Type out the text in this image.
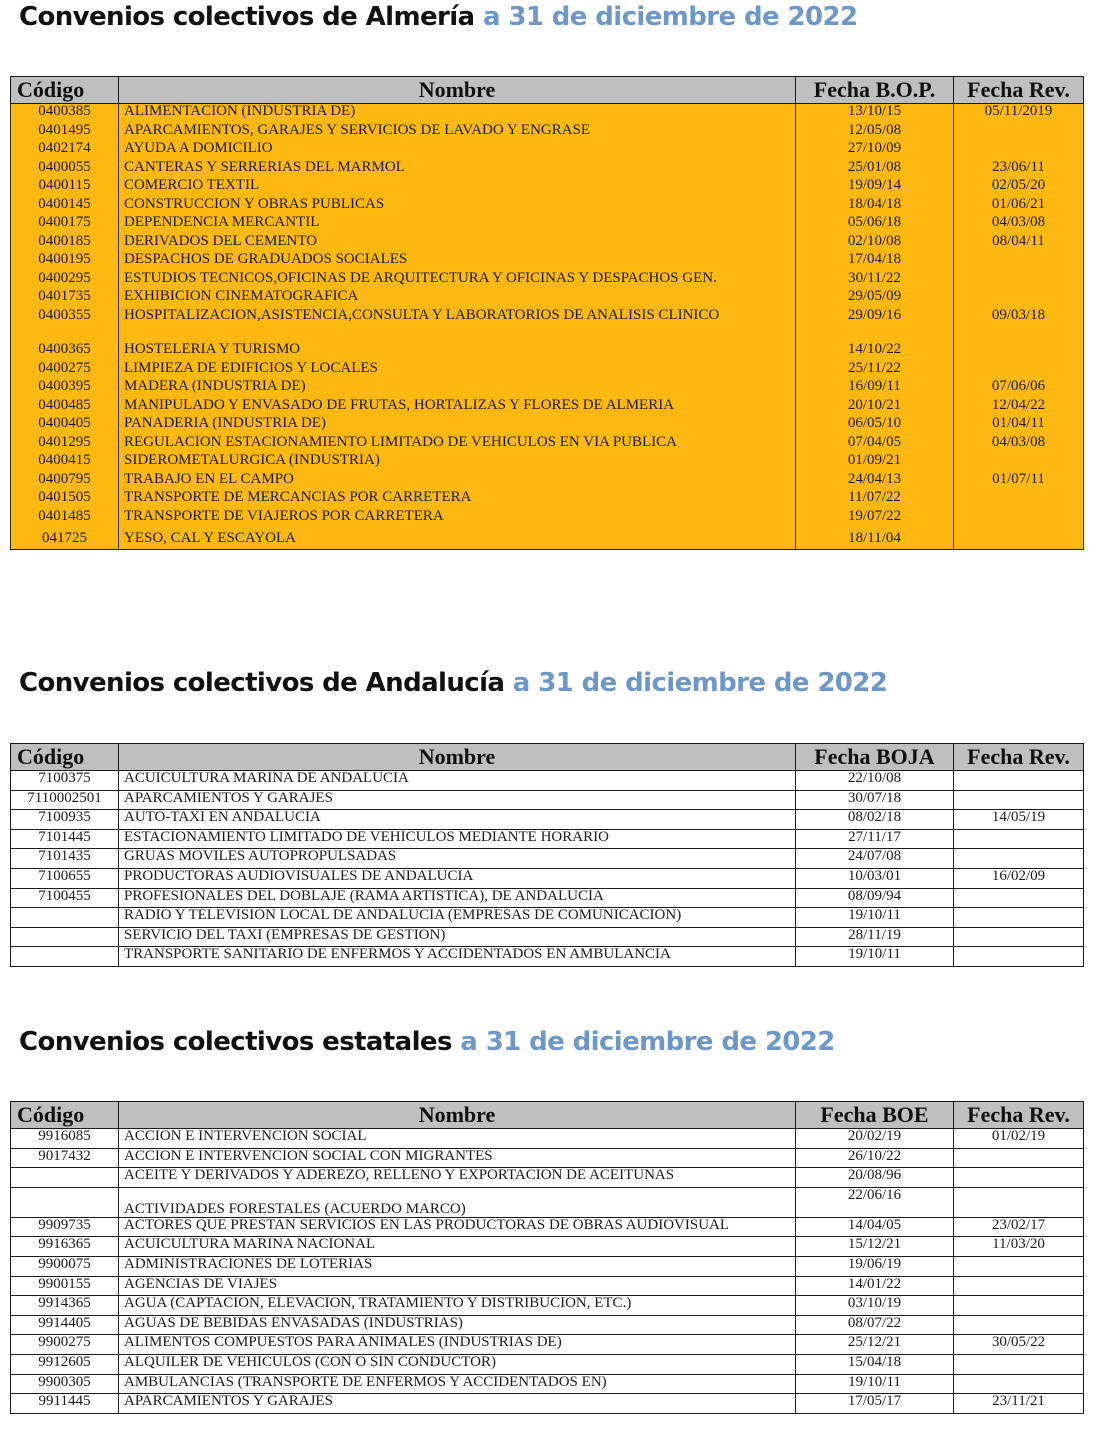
Convenios colectivos de Almería a 31 de diciembre de 2022
Código	Nombre	Fecha B.O.P.	Fecha Rev.
0400385	ALIMENTACION (INDUSTRIA DE)	13/10/15	05/11/2019
0401495	APARCAMIENTOS, GARAJES Y SERVICIOS DE LAVADO Y ENGRASE	12/05/08	
0402174	AYUDA A DOMICILIO	27/10/09	
0400055	CANTERAS Y SERRERIAS DEL MARMOL	25/01/08	23/06/11
0400115	COMERCIO TEXTIL	19/09/14	02/05/20
0400145	CONSTRUCCION Y OBRAS PUBLICAS	18/04/18	01/06/21
0400175	DEPENDENCIA MERCANTIL	05/06/18	04/03/08
0400185	DERIVADOS DEL CEMENTO	02/10/08	08/04/11
0400195	DESPACHOS DE GRADUADOS SOCIALES	17/04/18	
0400295	ESTUDIOS TECNICOS,OFICINAS DE ARQUITECTURA Y OFICINAS Y DESPACHOS GEN.	30/11/22	
0401735	EXHIBICIÓN CINEMATOGRÁFICA	29/05/09	
0400355	HOSPITALIZACION,ASISTENCIA,CONSULTA Y LABORATORIOS DE ANALISIS CLINICO	29/09/16	09/03/18
0400365	HOSTELERIA Y TURISMO	14/10/22	
0400275	LIMPIEZA DE EDIFICIOS Y LOCALES	25/11/22	
0400395	MADERA (INDUSTRIA DE)	16/09/11	07/06/06
0400485	MANIPULADO Y ENVASADO DE FRUTAS, HORTALIZAS Y FLORES DE ALMERIA	20/10/21	12/04/22
0400405	PANADERIA (INDUSTRIA DE)	06/05/10	01/04/11
0401295	REGULACION ESTACIONAMIENTO LIMITADO DE VEHICULOS EN VIA PUBLICA	07/04/05	04/03/08
0400415	SIDEROMETALURGICA (INDUSTRIA)	01/09/21	
0400795	TRABAJO EN EL CAMPO	24/04/13	01/07/11
0401505	TRANSPORTE DE MERCANCIAS POR CARRETERA	11/07/22	
0401485	TRANSPORTE DE VIAJEROS POR CARRETERA	19/07/22	
041725	YESO, CAL Y ESCAYOLA	18/11/04	
Convenios colectivos de Andalucía a 31 de diciembre de 2022
Código	Nombre	Fecha BOJA	Fecha Rev.
7100375	ACUICULTURA MARINA DE ANDALUCIA	22/10/08	
7110002501	APARCAMIENTOS Y GARAJES	30/07/18	
7100935	AUTO-TAXI EN ANDALUCIA	08/02/18	14/05/19
7101445	ESTACIONAMIENTO LIMITADO DE VEHÍCULOS MEDIANTE HORARIO	27/11/17	
7101435	GRUAS MOVILES AUTOPROPULSADAS	24/07/08	
7100655	PRODUCTORAS AUDIOVISUALES DE ANDALUCIA	10/03/01	16/02/09
7100455	PROFESIONALES DEL DOBLAJE (RAMA ARTISTICA), DE ANDALUCIA	08/09/94	
	RADIO Y TELEVISION LOCAL DE ANDALUCÍA (EMPRESAS DE COMUNICACIÓN)	19/10/11	
	SERVICIO DEL TAXI (EMPRESAS DE GESTIÓN)	28/11/19	
	TRANSPORTE SANITARIO DE ENFERMOS Y ACCIDENTADOS EN AMBULANCIA	19/10/11	
Convenios colectivos estatales a 31 de diciembre de 2022
Código	Nombre	Fecha BOE	Fecha Rev.
9916085	ACCION E INTERVENCION SOCIAL	20/02/19	01/02/19
9017432	ACCION E INTERVENCION SOCIAL CON MIGRANTES	26/10/22	
	ACEITE Y DERIVADOS Y ADEREZO, RELLENO Y EXPORTACION DE ACEITUNAS	20/08/96	
	ACTIVIDADES FORESTALES (ACUERDO MARCO)	22/06/16	
9909735	ACTORES QUE PRESTAN SERVICIOS EN LAS PRODUCTORAS DE OBRAS AUDIOVISUAL	14/04/05	23/02/17
9916365	ACUICULTURA MARINA NACIONAL	15/12/21	11/03/20
9900075	ADMINISTRACIONES DE LOTERIAS	19/06/19	
9900155	AGENCIAS DE VIAJES	14/01/22	
9914365	AGUA (CAPTACION, ELEVACION, TRATAMIENTO Y DISTRIBUCION, ETC.)	03/10/19	
9914405	AGUAS DE BEBIDAS ENVASADAS (INDUSTRIAS)	08/07/22	
9900275	ALIMENTOS COMPUESTOS PARA ANIMALES (INDUSTRIAS DE)	25/12/21	30/05/22
9912605	ALQUILER DE VEHICULOS (CON O SIN CONDUCTOR)	15/04/18	
9900305	AMBULANCIAS (TRANSPORTE DE ENFERMOS Y ACCIDENTADOS EN)	19/10/11	
9911445	APARCAMIENTOS Y GARAJES	17/05/17	23/11/21
